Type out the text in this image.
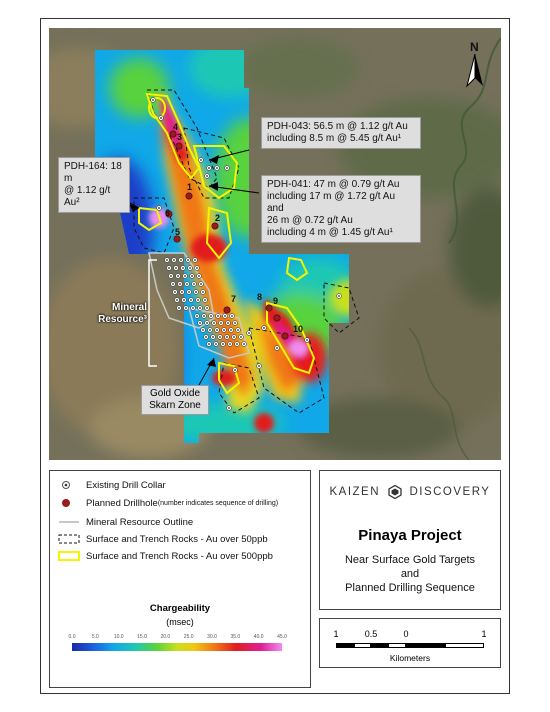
1
2
3
4
5
6
7 8 9
10
PDH-043: 56.5 m @ 1.12 g/t Au
including 8.5 m @ 5.45 g/t Au¹
PDH-164: 18 m
@ 1.12 g/t Au²
PDH-041: 47 m @ 0.79 g/t Au
including 17 m @ 1.72 g/t Au
and
26 m @ 0.72 g/t Au
including 4 m @ 1.45 g/t Au¹
Mineral
Resource³
Gold Oxide
Skarn Zone
N
Existing Drill Collar
Planned Drillhole (number indicates sequence of drilling)
Mineral Resource Outline
Surface and Trench Rocks - Au over 50ppb
Surface and Trench Rocks - Au over 500ppb
Chargeability
(msec)
0.0	5.0	10.0	15.0	20.0	25.0	30.0	35.0	40.0	45.0
KAIZEN	DISCOVERY
Pinaya Project
Near Surface Gold Targets
and
Planned Drilling Sequence
1	0.5	0	1
Kilometers
